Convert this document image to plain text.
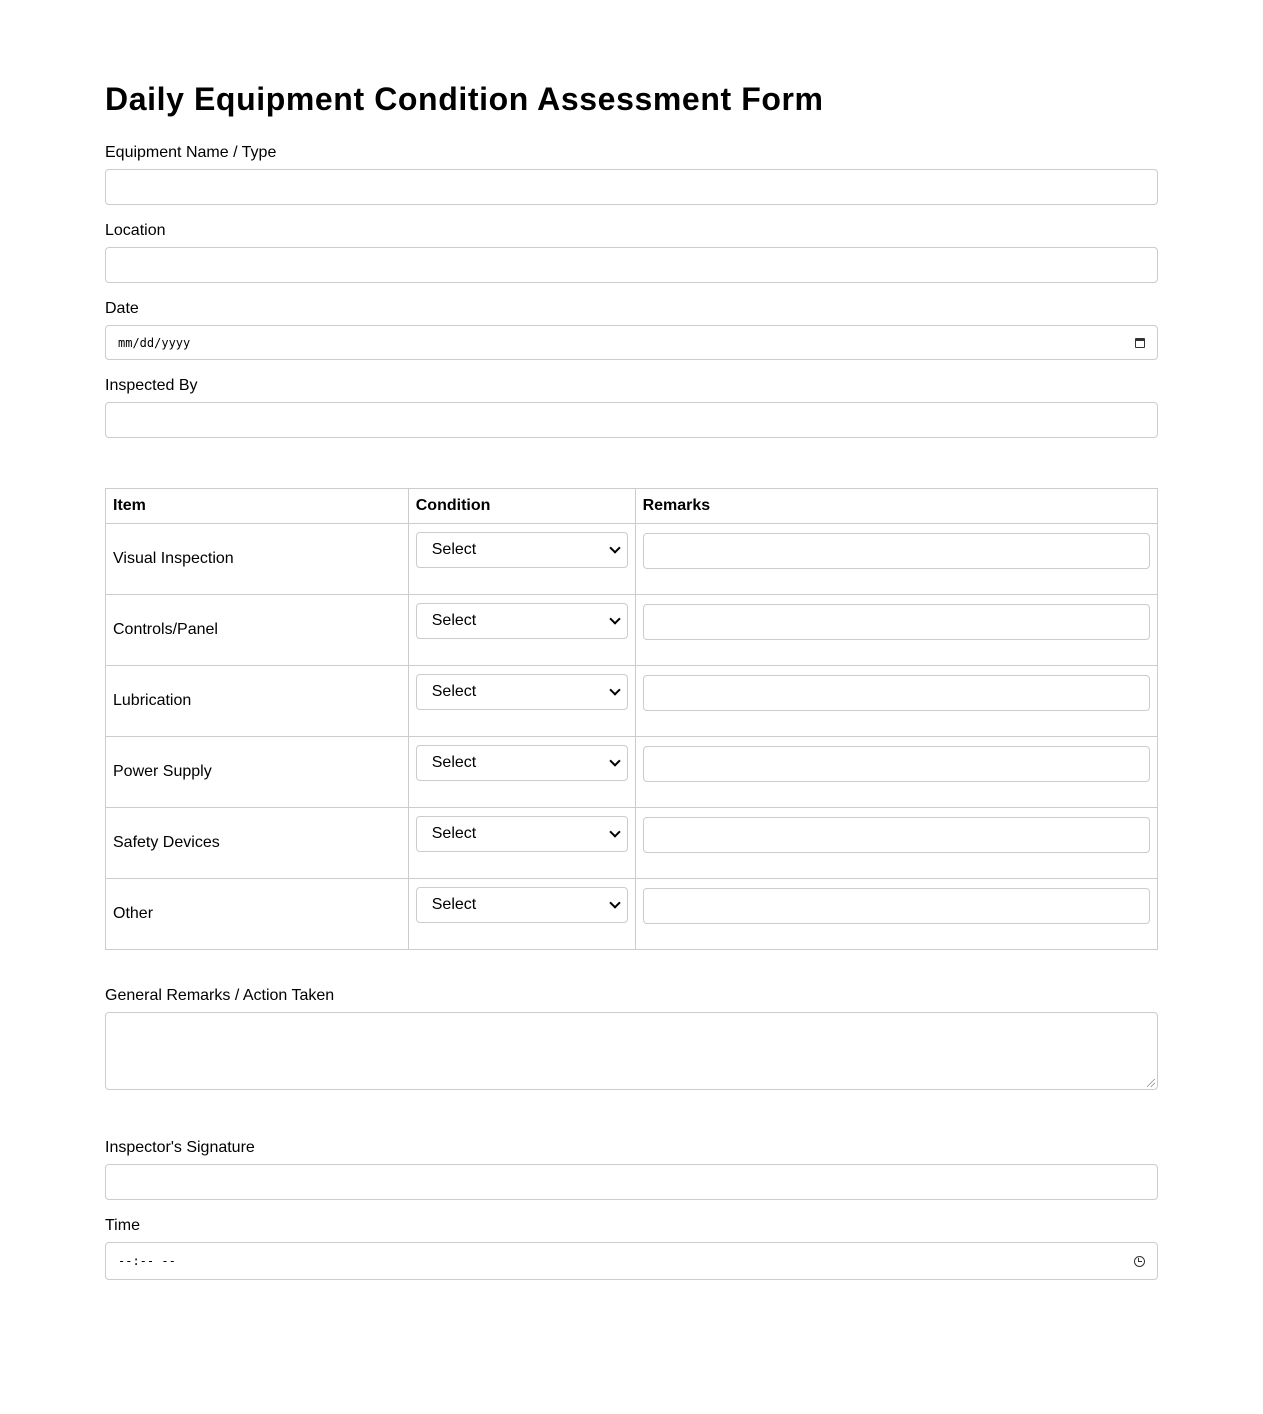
Daily Equipment Condition Assessment Form
Equipment Name / Type
Location
Date
mm/dd/yyyy
Inspected By
Item	Condition	Remarks
Visual Inspection	Select	

Controls/Panel	Select	

Lubrication	Select	

Power Supply	Select	

Safety Devices	Select	

Other	Select	

General Remarks / Action Taken
Inspector's Signature
Time
--:-- --
